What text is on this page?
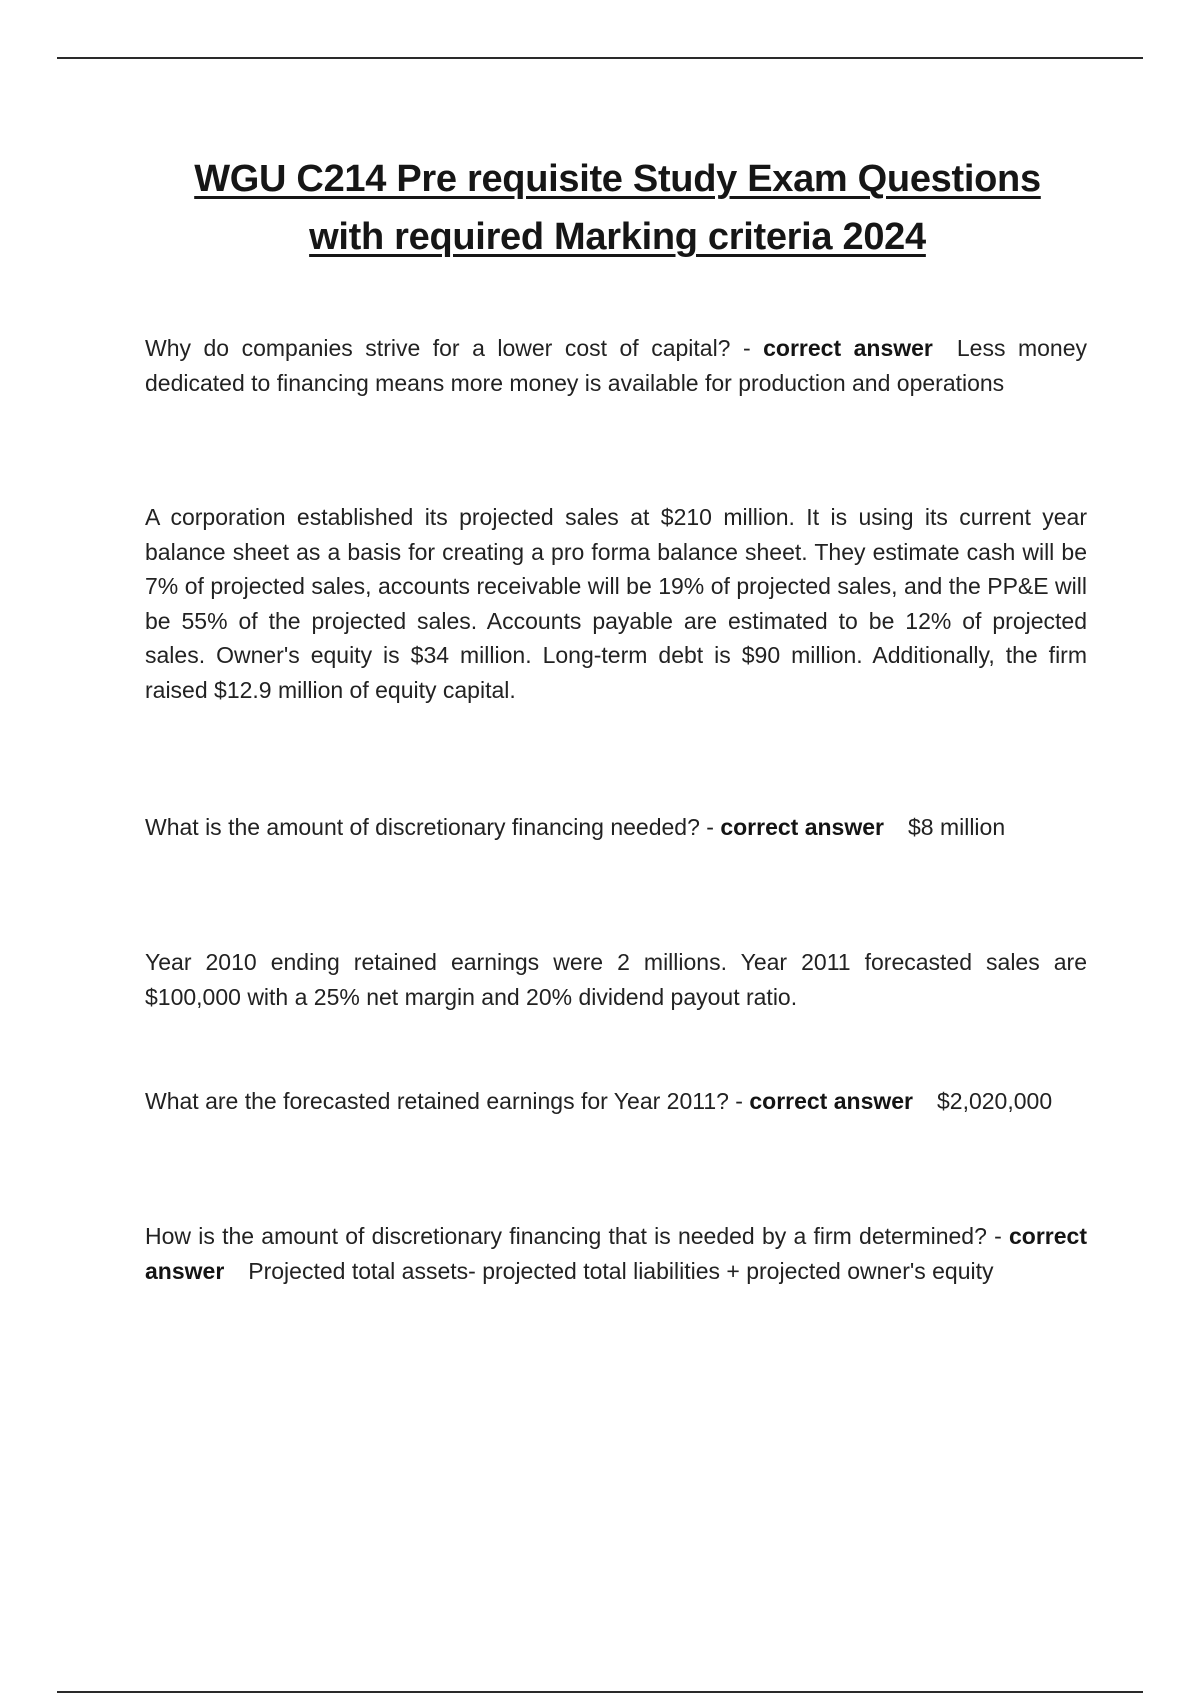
WGU C214 Pre requisite Study Exam Questions
with required Marking criteria 2024

Why do companies strive for a lower cost of capital? - correct answer Less money dedicated to financing means more money is available for production and operations

A corporation established its projected sales at $210 million. It is using its current year balance sheet as a basis for creating a pro forma balance sheet. They estimate cash will be 7% of projected sales, accounts receivable will be 19% of projected sales, and the PP&E will be 55% of the projected sales. Accounts payable are estimated to be 12% of projected sales. Owner's equity is $34 million. Long-term debt is $90 million. Additionally, the firm raised $12.9 million of equity capital.

What is the amount of discretionary financing needed? - correct answer $8 million

Year 2010 ending retained earnings were 2 millions. Year 2011 forecasted sales are $100,000 with a 25% net margin and 20% dividend payout ratio.

What are the forecasted retained earnings for Year 2011? - correct answer $2,020,000

How is the amount of discretionary financing that is needed by a firm determined? - correct answer Projected total assets- projected total liabilities + projected owner's equity
